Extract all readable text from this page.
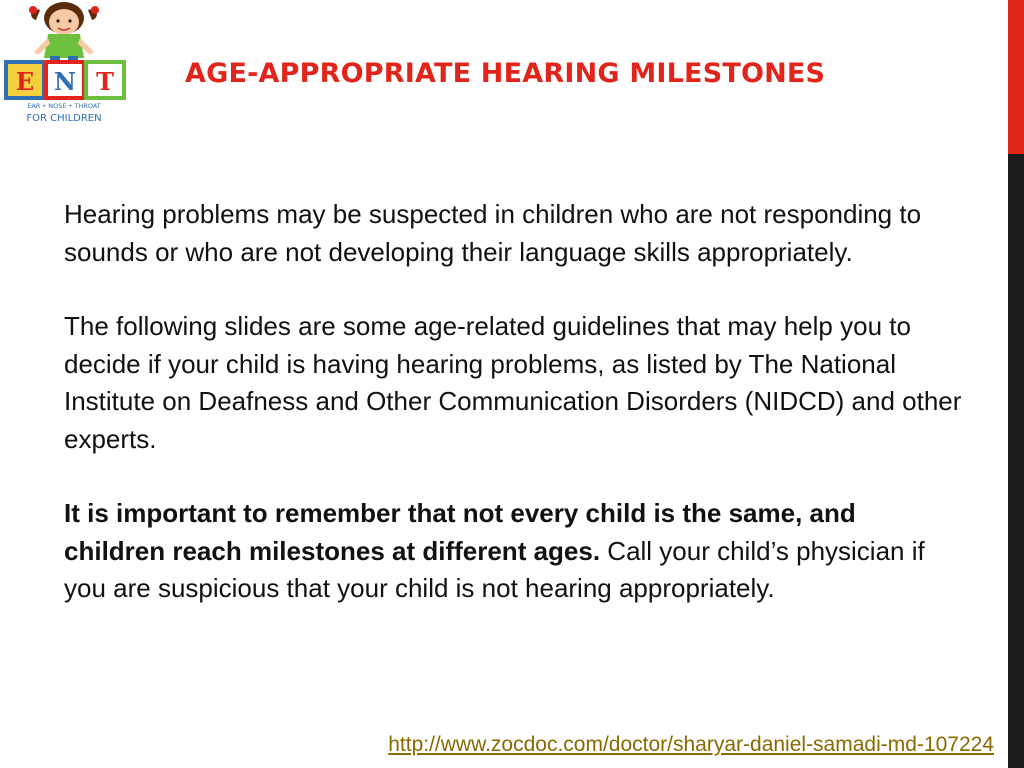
E N T
EAR • NOSE • THROAT
FOR CHILDREN
AGE-APPROPRIATE HEARING MILESTONES

Hearing problems may be suspected in children who are not responding to sounds or who are not developing their language skills appropriately.

The following slides are some age-related guidelines that may help you to decide if your child is having hearing problems, as listed by The National Institute on Deafness and Other Communication Disorders (NIDCD) and other experts.

It is important to remember that not every child is the same, and children reach milestones at different ages. Call your child’s physician if you are suspicious that your child is not hearing appropriately.

http://www.zocdoc.com/doctor/sharyar-daniel-samadi-md-107224
